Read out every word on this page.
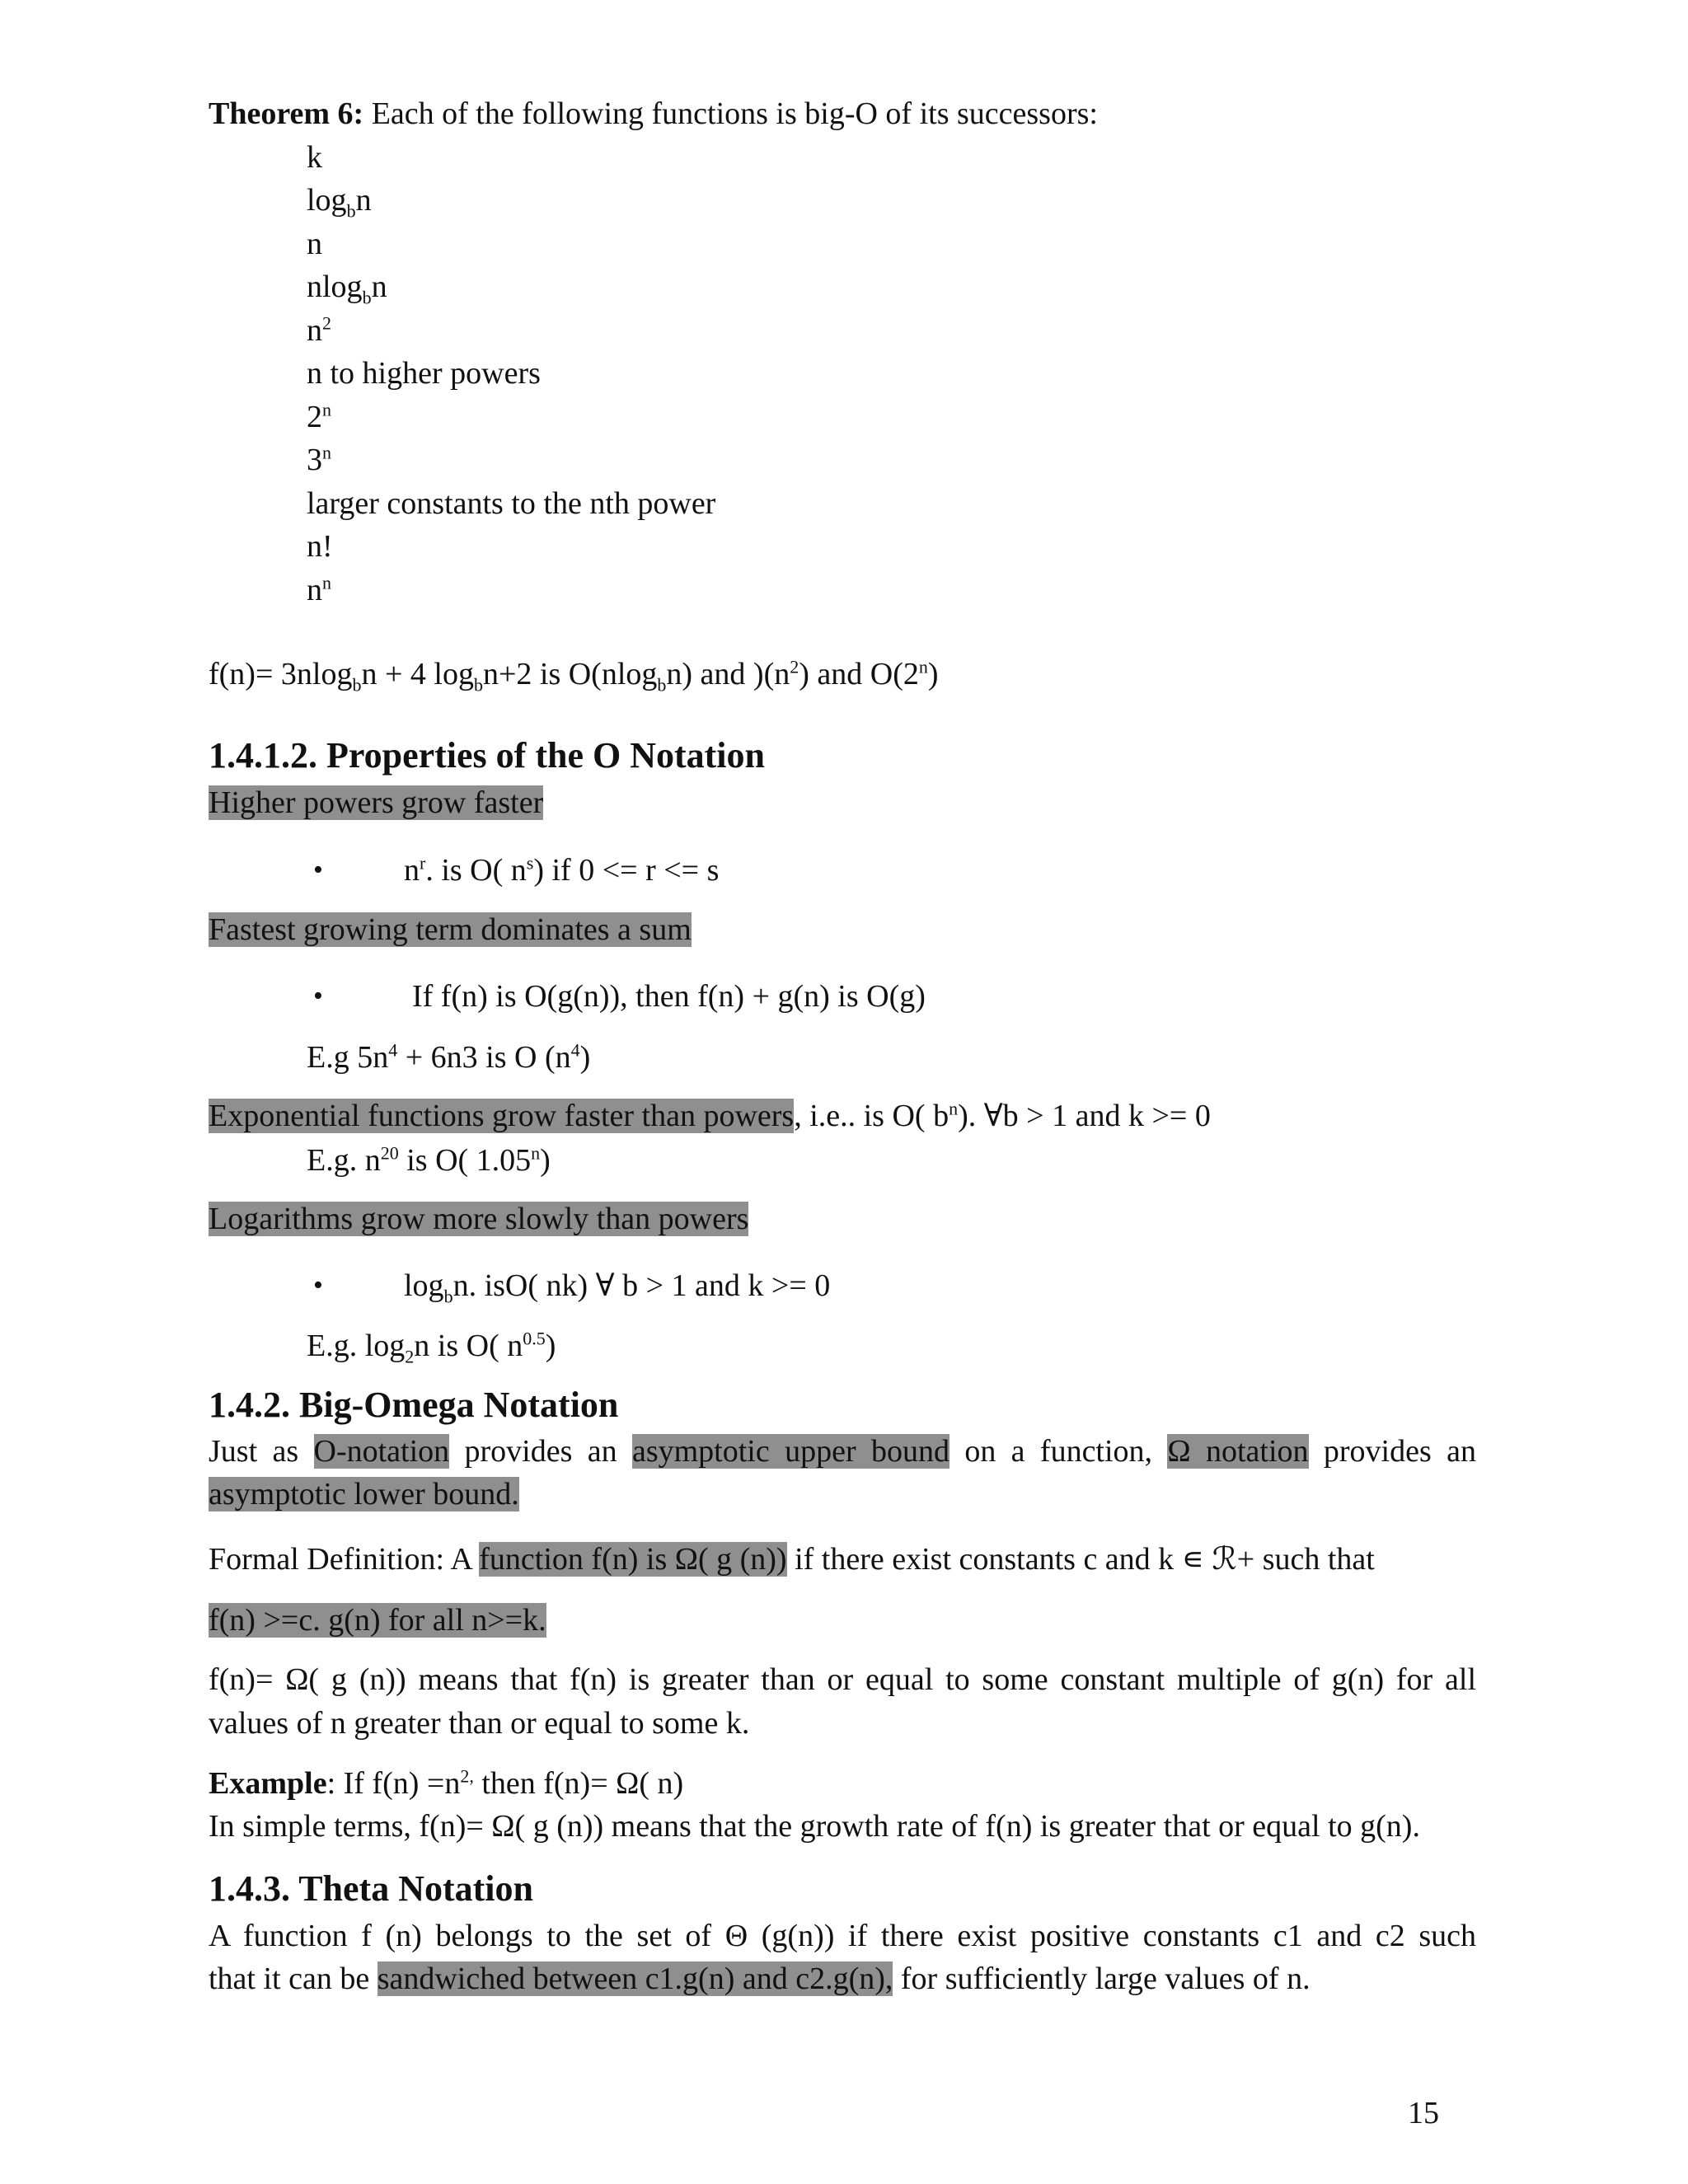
Theorem 6: Each of the following functions is big-O of its successors:
k
$\log_bn$
n
nlog$_b$n
$n^2$
n to higher powers
2$^n$
3$^n$
larger constants to the nth power
n!
$n^n$
f(n)= 3nlog$_b$n + 4 $\log_bn+2$ is O(nlog$_b$n) and )$(n^2)$ and O(2$^n$)
1.4.1.2. Properties of the O Notation
Higher powers grow faster
•	$n^r$. is O( $n^s$) if 0 <= r <= s
Fastest growing term dominates a sum
•	If f(n) is O(g(n)), then f(n) + g(n) is O(g)
E.g $5n^4 + 6n3$ is O $(n^4)$
Exponential functions grow faster than powers, i.e.. is O( $b^n$). ∀b > 1 and k >= 0
E.g. $n^{20}$ is O( 1.05$^n$)
Logarithms grow more slowly than powers
•	$\log_bn$. isO( nk) ∀ b > 1 and k >= 0
E.g. $\log_2n$ is O( $n^{0.5}$)
1.4.2. Big-Omega Notation
Just as O-notation provides an asymptotic upper bound on a function, Ω notation provides an
asymptotic lower bound.
Formal Definition: A function f(n) is Ω( g (n)) if there exist constants c and k ∊ ℛ+ such that
f(n) >=c. g(n) for all n>=k.
f(n)= Ω( g (n)) means that f(n) is greater than or equal to some constant multiple of g(n) for all
values of n greater than or equal to some k.
Example: If $f(n) =n^{2,}$ then f(n)= Ω( n)
In simple terms, f(n)= Ω( g (n)) means that the growth rate of f(n) is greater that or equal to g(n).
1.4.3. Theta Notation
A function f (n) belongs to the set of Θ (g(n)) if there exist positive constants c1 and c2 such
that it can be sandwiched between c1.g(n) and c2.g(n), for sufficiently large values of n.
15
